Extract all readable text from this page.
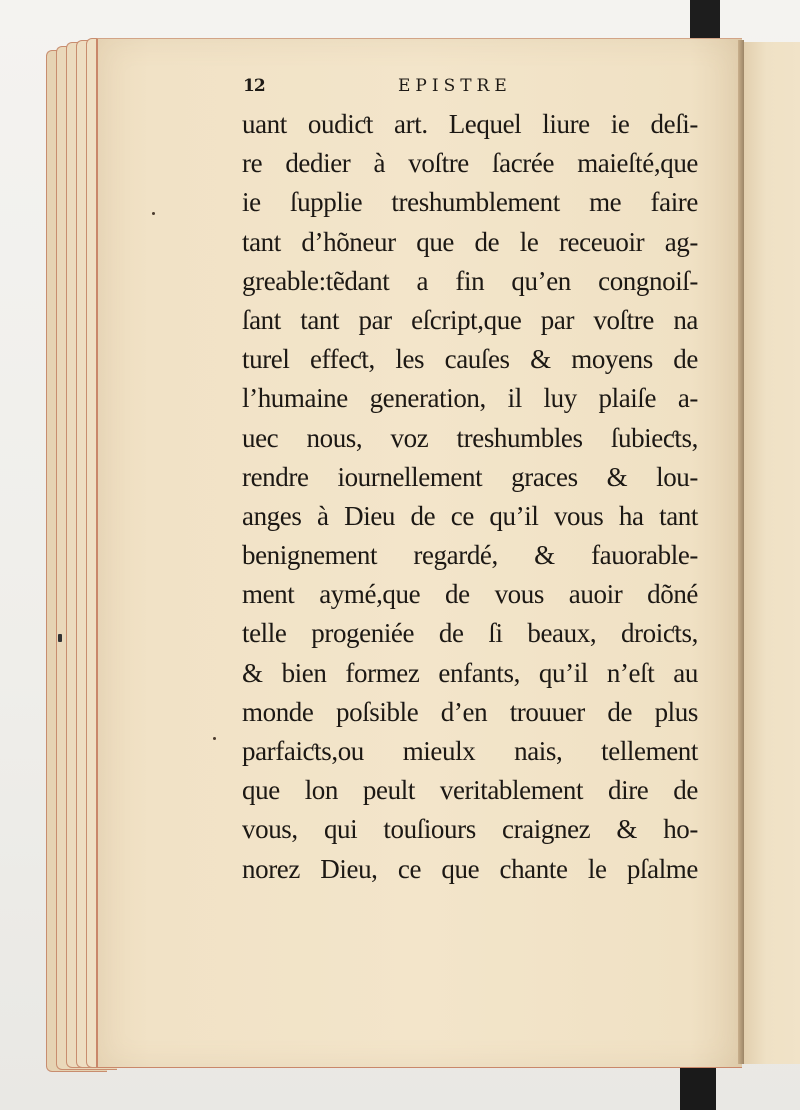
12	EPISTRE
uant oudiƈt art. Lequel liure ie deſi-
re dedier à voſtre ſacrée maieſté,que
ie ſupplie treshumblement me faire
tant d’hõneur que de le receuoir ag-
greable:tẽdant a fin qu’en congnoiſ-
ſant tant par eſcript,que par voſtre na
turel effeƈt, les cauſes & moyens de
l’humaine generation, il luy plaiſe a-
uec nous, voz treshumbles ſubieƈts,
rendre iournellement graces & lou-
anges à Dieu de ce qu’il vous ha tant
benignement regardé, & fauorable-
ment aymé,que de vous auoir dõné
telle progeniée de ſi beaux, droiƈts,
& bien formez enfants, qu’il n’eſt au
monde poſsible d’en trouuer de plus
parfaiƈts,ou mieulx nais, tellement
que lon peult veritablement dire de
vous, qui touſiours craignez & ho-
norez Dieu, ce que chante le pſalme
